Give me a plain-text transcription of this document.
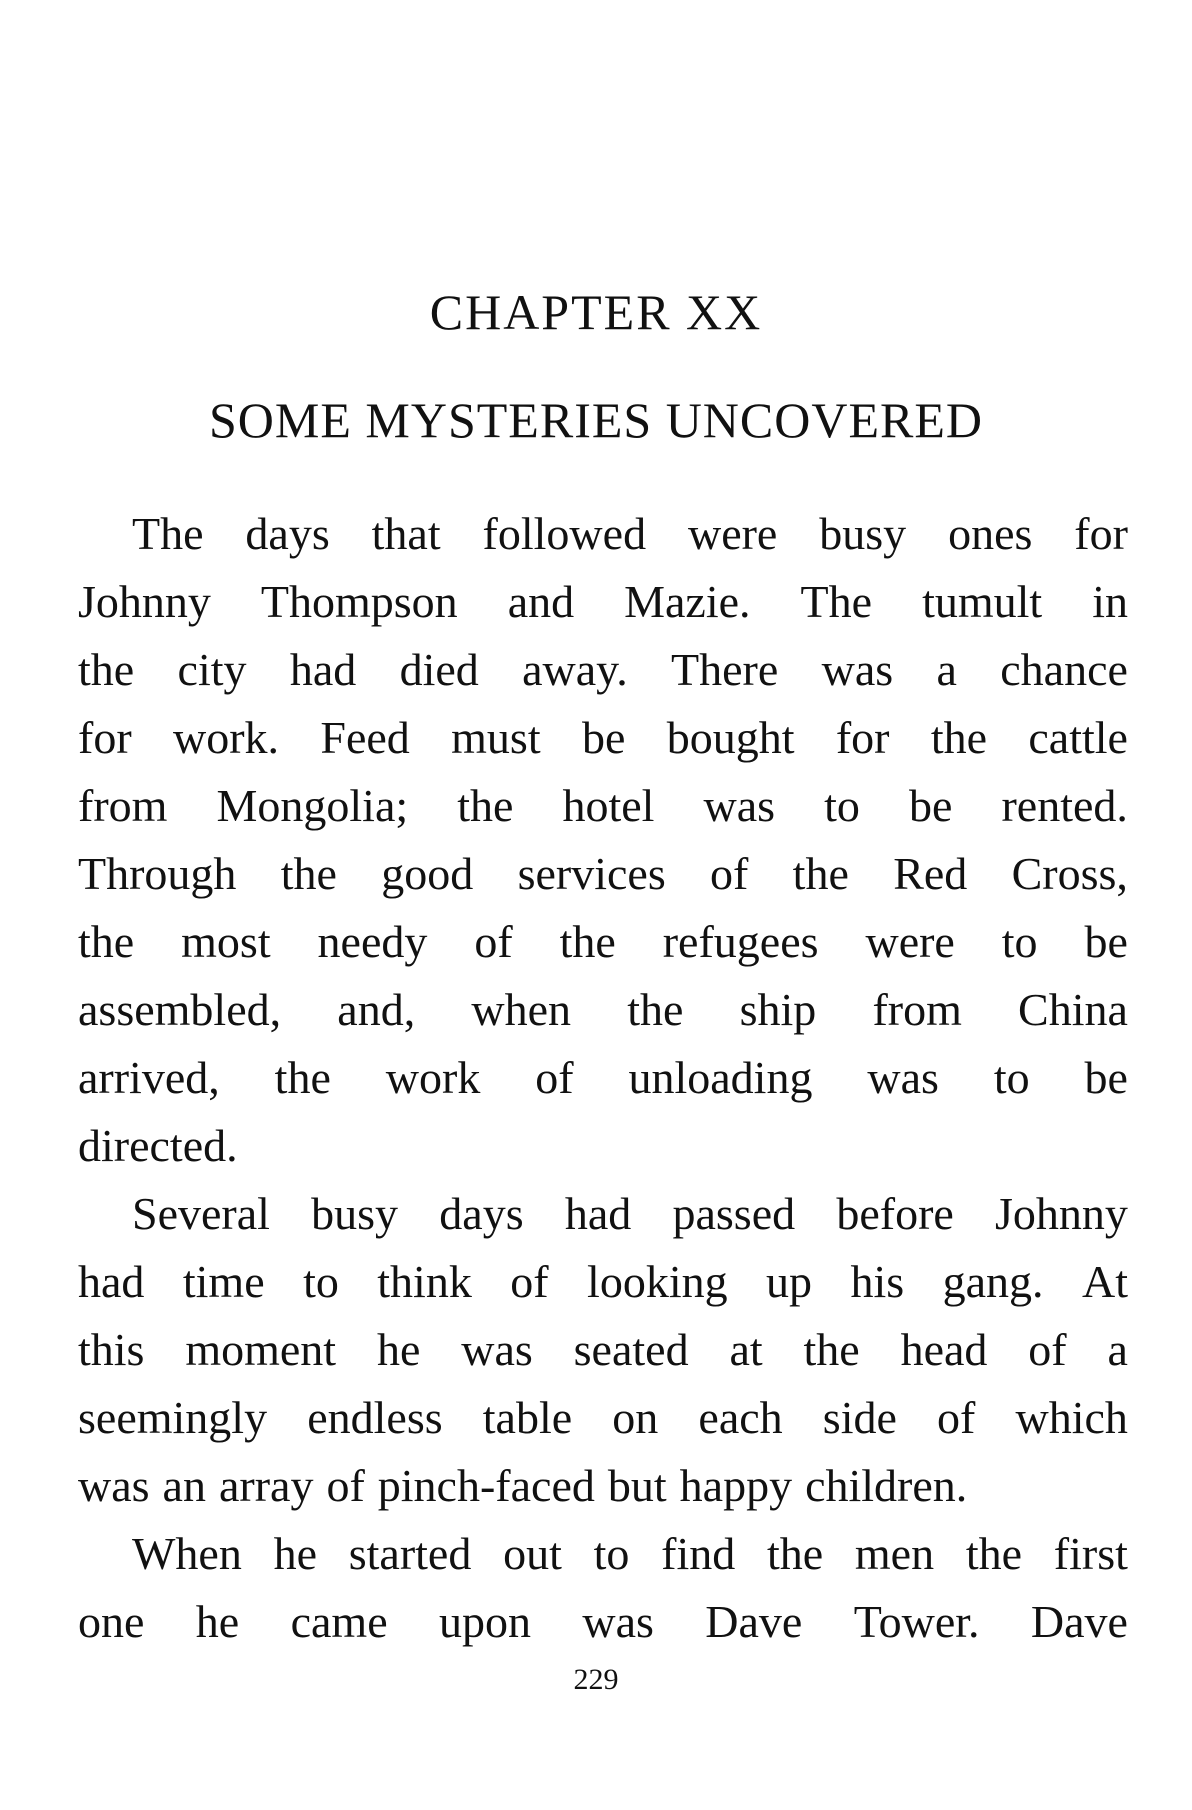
CHAPTER XX
SOME MYSTERIES UNCOVERED
The days that followed were busy ones for
Johnny Thompson and Mazie. The tumult in
the city had died away. There was a chance
for work. Feed must be bought for the cattle
from Mongolia; the hotel was to be rented.
Through the good services of the Red Cross,
the most needy of the refugees were to be
assembled, and, when the ship from China
arrived, the work of unloading was to be
directed.
Several busy days had passed before Johnny
had time to think of looking up his gang. At
this moment he was seated at the head of a
seemingly endless table on each side of which
was an array of pinch-faced but happy children.
When he started out to find the men the first
one he came upon was Dave Tower. Dave
229
